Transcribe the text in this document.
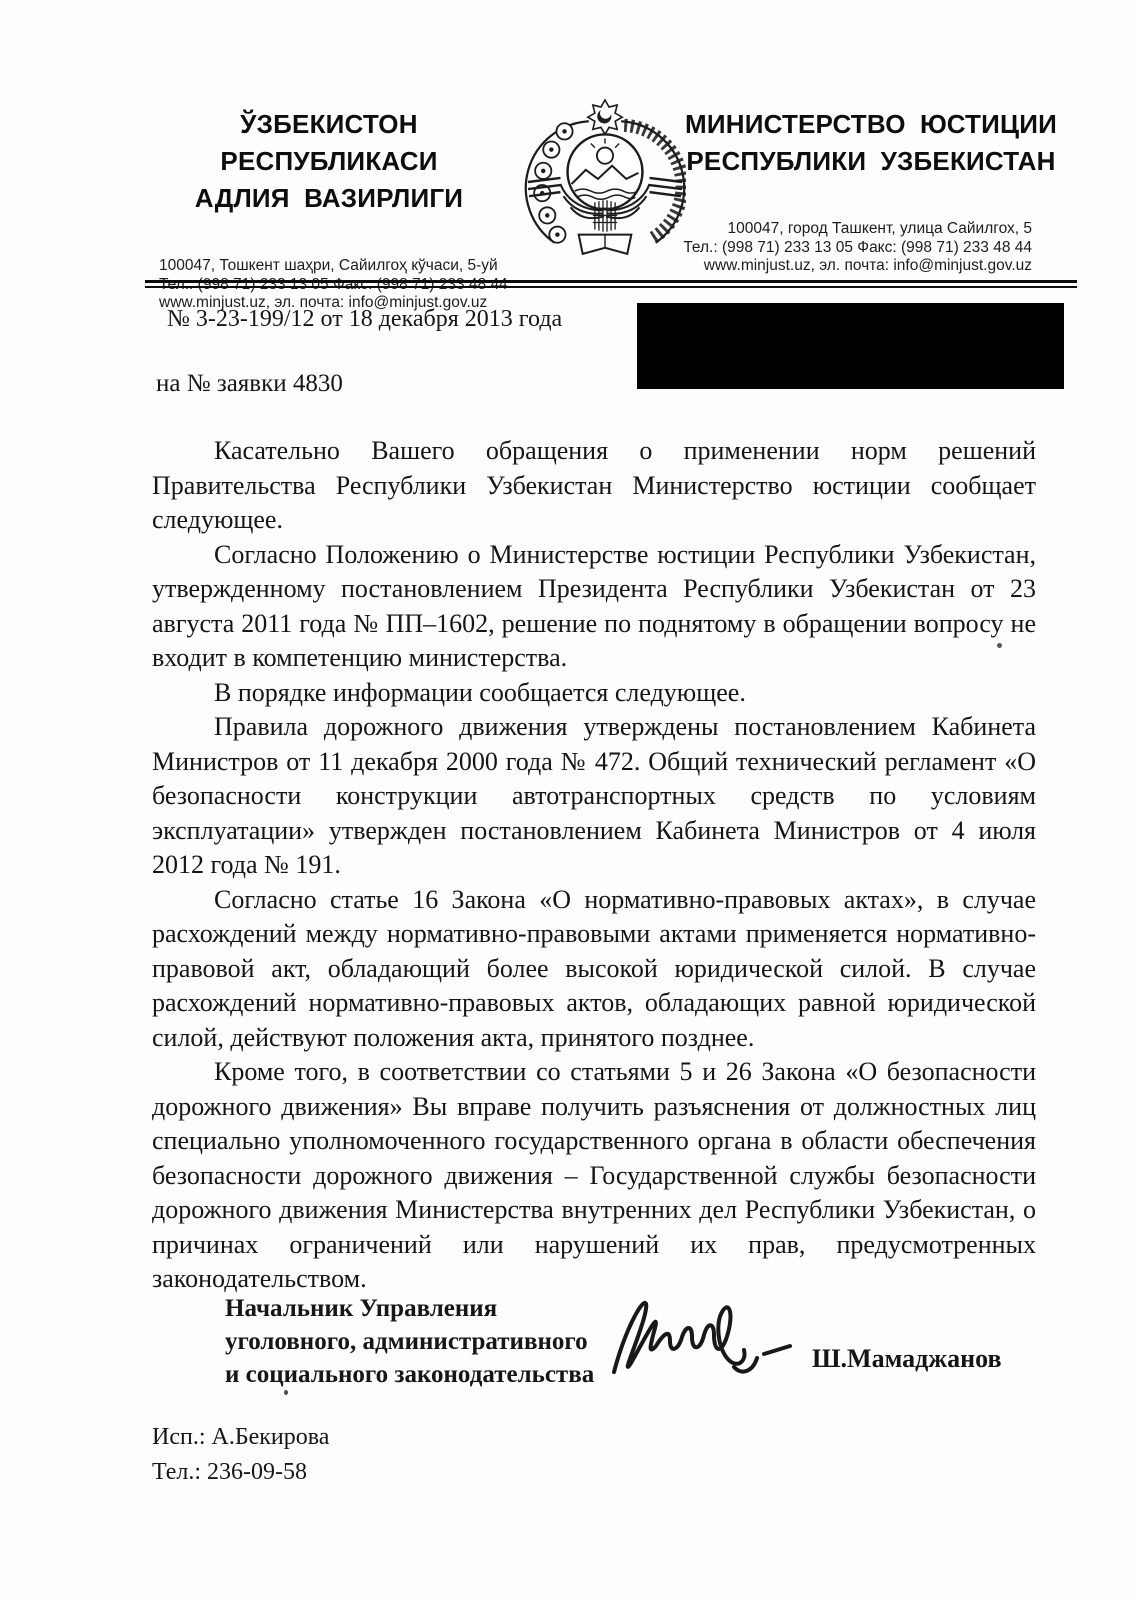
ЎЗБЕКИСТОН РЕСПУБЛИКАСИ
АДЛИЯ ВАЗИРЛИГИ
100047, Тошкент шаҳри, Сайилгоҳ кўчаси, 5-уй
Тел.: (998 71) 233 13 05 Факс: (998 71) 233 48 44
www.minjust.uz, эл. почта: info@minjust.gov.uz
МИНИСТЕРСТВО ЮСТИЦИИ
РЕСПУБЛИКИ УЗБЕКИСТАН
100047, город Ташкент, улица Сайилгох, 5
Тел.: (998 71) 233 13 05 Факс: (998 71) 233 48 44
www.minjust.uz, эл. почта: info@minjust.gov.uz
№ 3-23-199/12 от 18 декабря 2013 года
на № заявки 4830

Касательно Вашего обращения о применении норм решений Правительства Республики Узбекистан Министерство юстиции сообщает следующее.

Согласно Положению о Министерстве юстиции Республики Узбекистан, утвержденному постановлением Президента Республики Узбекистан от 23 августа 2011 года № ПП–1602, решение по поднятому в обращении вопросу не входит в компетенцию министерства.

В порядке информации сообщается следующее.

Правила дорожного движения утверждены постановлением Кабинета Министров от 11 декабря 2000 года № 472. Общий технический регламент «О безопасности конструкции автотранспортных средств по условиям эксплуатации» утвержден постановлением Кабинета Министров от 4 июля 2012 года № 191.

Согласно статье 16 Закона «О нормативно-правовых актах», в случае расхождений между нормативно-правовыми актами применяется нормативно-правовой акт, обладающий более высокой юридической силой. В случае расхождений нормативно-правовых актов, обладающих равной юридической силой, действуют положения акта, принятого позднее.

Кроме того, в соответствии со статьями 5 и 26 Закона «О безопасности дорожного движения» Вы вправе получить разъяснения от должностных лиц специально уполномоченного государственного органа в области обеспечения безопасности дорожного движения – Государственной службы безопасности дорожного движения Министерства внутренних дел Республики Узбекистан, о причинах ограничений или нарушений их прав, предусмотренных законодательством.

Начальник Управления
уголовного, административного
и социального законодательства
Ш.Мамаджанов
Исп.: А.Бекирова
Тел.: 236-09-58
